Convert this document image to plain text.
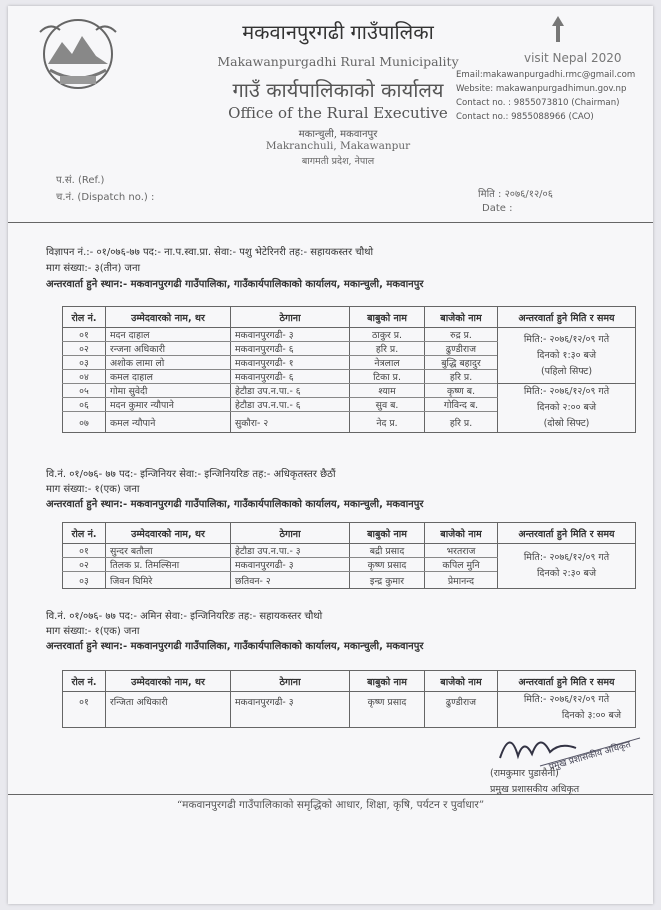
मकवानपुरगढी गाउँपालिका
Makawanpurgadhi Rural Municipality
गाउँ कार्यपालिकाको कार्यालय
Office of the Rural Executive
मकान्चुली, मकवानपुर
Makranchuli, Makawanpur
बागमती प्रदेश, नेपाल
visit Nepal 2020
Email:makawanpurgadhi.rmc@gmail.com
Website: makawanpurgadhimun.gov.np
Contact no. : 9855073810 (Chairman)
Contact no.: 9855088966 (CAO)
प.सं. (Ref.)
च.नं. (Dispatch no.) :	मिति : २०७६/१२/०६
Date :
विज्ञापन नं.:- ०१/०७६-७७ पद:- ना.प.स्वा.प्रा. सेवा:- पशु भेटेरिनरी तह:- सहायकस्तर चौथो
माग संख्या:- ३(तीन) जना
अन्तरवार्ता हुने स्थान:- मकवानपुरगढी गाउँपालिका, गाउँकार्यपालिकाको कार्यालय, मकान्चुली, मकवानपुर
रोल नं.	उम्मेदवारको नाम, थर	ठेगाना	बाबुको नाम	बाजेको नाम	अन्तरवार्ता हुने मिति र समय
०१	मदन दाहाल	मकवानपुरगढी- ३	ठाकुर प्र.	रुद्र प्र.	मिति:- २०७६/१२/०९ गते
दिनको १:३० बजे
(पहिलो सिफ्ट)

०२	रन्जना अधिकारी	मकवानपुरगढी- ६	हरि प्र.	ढुण्डीराज	
०३	अशोक लामा लो	मकवानपुरगढी- १	नेत्रलाल	बुद्धि बहादुर	
०४	कमल दाहाल	मकवानपुरगढी- ६	टिका प्र.	हरि प्र.	
०५	गोमा सुवेदी	हेटौडा उप.न.पा.- ६	श्याम	कृष्ण ब.	मिति:- २०७६/१२/०९ गते
दिनको २:०० बजे
(दोस्रो सिफ्ट)

०६	मदन कुमार न्यौपाने	हेटौडा उप.न.पा.- ६	सुव ब.	गोविन्द ब.	
०७	कमल न्यौपाने	सुकौरा- २	नेद प्र.	हरि प्र.	
वि.नं. ०१/०७६- ७७ पद:- इन्जिनियर सेवा:- इन्जिनियरिङ तह:- अधिकृतस्तर छैठौं
माग संख्या:- १(एक) जना
अन्तरवार्ता हुने स्थान:- मकवानपुरगढी गाउँपालिका, गाउँकार्यपालिकाको कार्यालय, मकान्चुली, मकवानपुर
रोल नं.	उम्मेदवारको नाम, थर	ठेगाना	बाबुको नाम	बाजेको नाम	अन्तरवार्ता हुने मिति र समय
०१	सुन्दर बतौला	हेटौडा उप.न.पा.- ३	बद्री प्रसाद	भरतराज	मिति:- २०७६/१२/०९ गते
दिनको २:३० बजे

०२	तिलक प्र. तिमल्सिना	मकवानपुरगढी- ३	कृष्ण प्रसाद	कपिल मुनि	
०३	जिवन घिमिरे	छतिवन- २	इन्द्र कुमार	प्रेमानन्द	
वि.नं. ०१/०७६- ७७ पद:- अमिन सेवा:- इन्जिनियरिङ तह:- सहायकस्तर चौथो
माग संख्या:- १(एक) जना
अन्तरवार्ता हुने स्थान:- मकवानपुरगढी गाउँपालिका, गाउँकार्यपालिकाको कार्यालय, मकान्चुली, मकवानपुर
रोल नं.	उम्मेदवारको नाम, थर	ठेगाना	बाबुको नाम	बाजेको नाम	अन्तरवार्ता हुने मिति र समय
०१	रन्जिता अधिकारी	मकवानपुरगढी- ३	कृष्ण प्रसाद	ढुण्डीराज	मिति:- २०७६/१२/०९ गते
दिनको ३:०० बजे
प्रमुख प्रशासकीय अधिकृत
(रामकुमार पुडासैनी)
प्रमुख प्रशासकीय अधिकृत
“मकवानपुरगढी गाउँपालिकाको समृद्धिको आधार, शिक्षा, कृषि, पर्यटन र पुर्वाधार”
